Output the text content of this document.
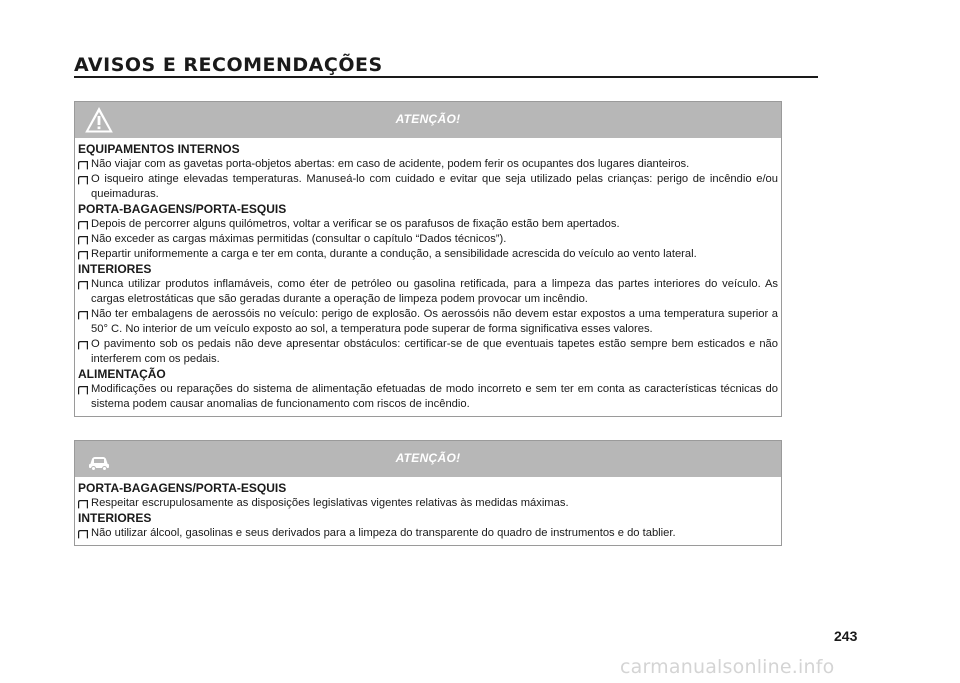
AVISOS E RECOMENDAÇÕES
ATENÇÃO!
EQUIPAMENTOS INTERNOS
Não viajar com as gavetas porta-objetos abertas: em caso de acidente, podem ferir os ocupantes dos lugares dianteiros.
O isqueiro atinge elevadas temperaturas. Manuseá-lo com cuidado e evitar que seja utilizado pelas crianças: perigo de incêndio e/ou queimaduras.
PORTA-BAGAGENS/PORTA-ESQUIS
Depois de percorrer alguns quilómetros, voltar a verificar se os parafusos de fixação estão bem apertados.
Não exceder as cargas máximas permitidas (consultar o capítulo “Dados técnicos”).
Repartir uniformemente a carga e ter em conta, durante a condução, a sensibilidade acrescida do veículo ao vento lateral.
INTERIORES
Nunca utilizar produtos inflamáveis, como éter de petróleo ou gasolina retificada, para a limpeza das partes interiores do veículo. As cargas eletrostáticas que são geradas durante a operação de limpeza podem provocar um incêndio.
Não ter embalagens de aerossóis no veículo: perigo de explosão. Os aerossóis não devem estar expostos a uma temperatura superior a 50° C. No interior de um veículo exposto ao sol, a temperatura pode superar de forma significativa esses valores.
O pavimento sob os pedais não deve apresentar obstáculos: certificar-se de que eventuais tapetes estão sempre bem esticados e não interferem com os pedais.
ALIMENTAÇÃO
Modificações ou reparações do sistema de alimentação efetuadas de modo incorreto e sem ter em conta as características técnicas do sistema podem causar anomalias de funcionamento com riscos de incêndio.
ATENÇÃO!
PORTA-BAGAGENS/PORTA-ESQUIS
Respeitar escrupulosamente as disposições legislativas vigentes relativas às medidas máximas.
INTERIORES
Não utilizar álcool, gasolinas e seus derivados para a limpeza do transparente do quadro de instrumentos e do tablier.
243
carmanualsonline.info
